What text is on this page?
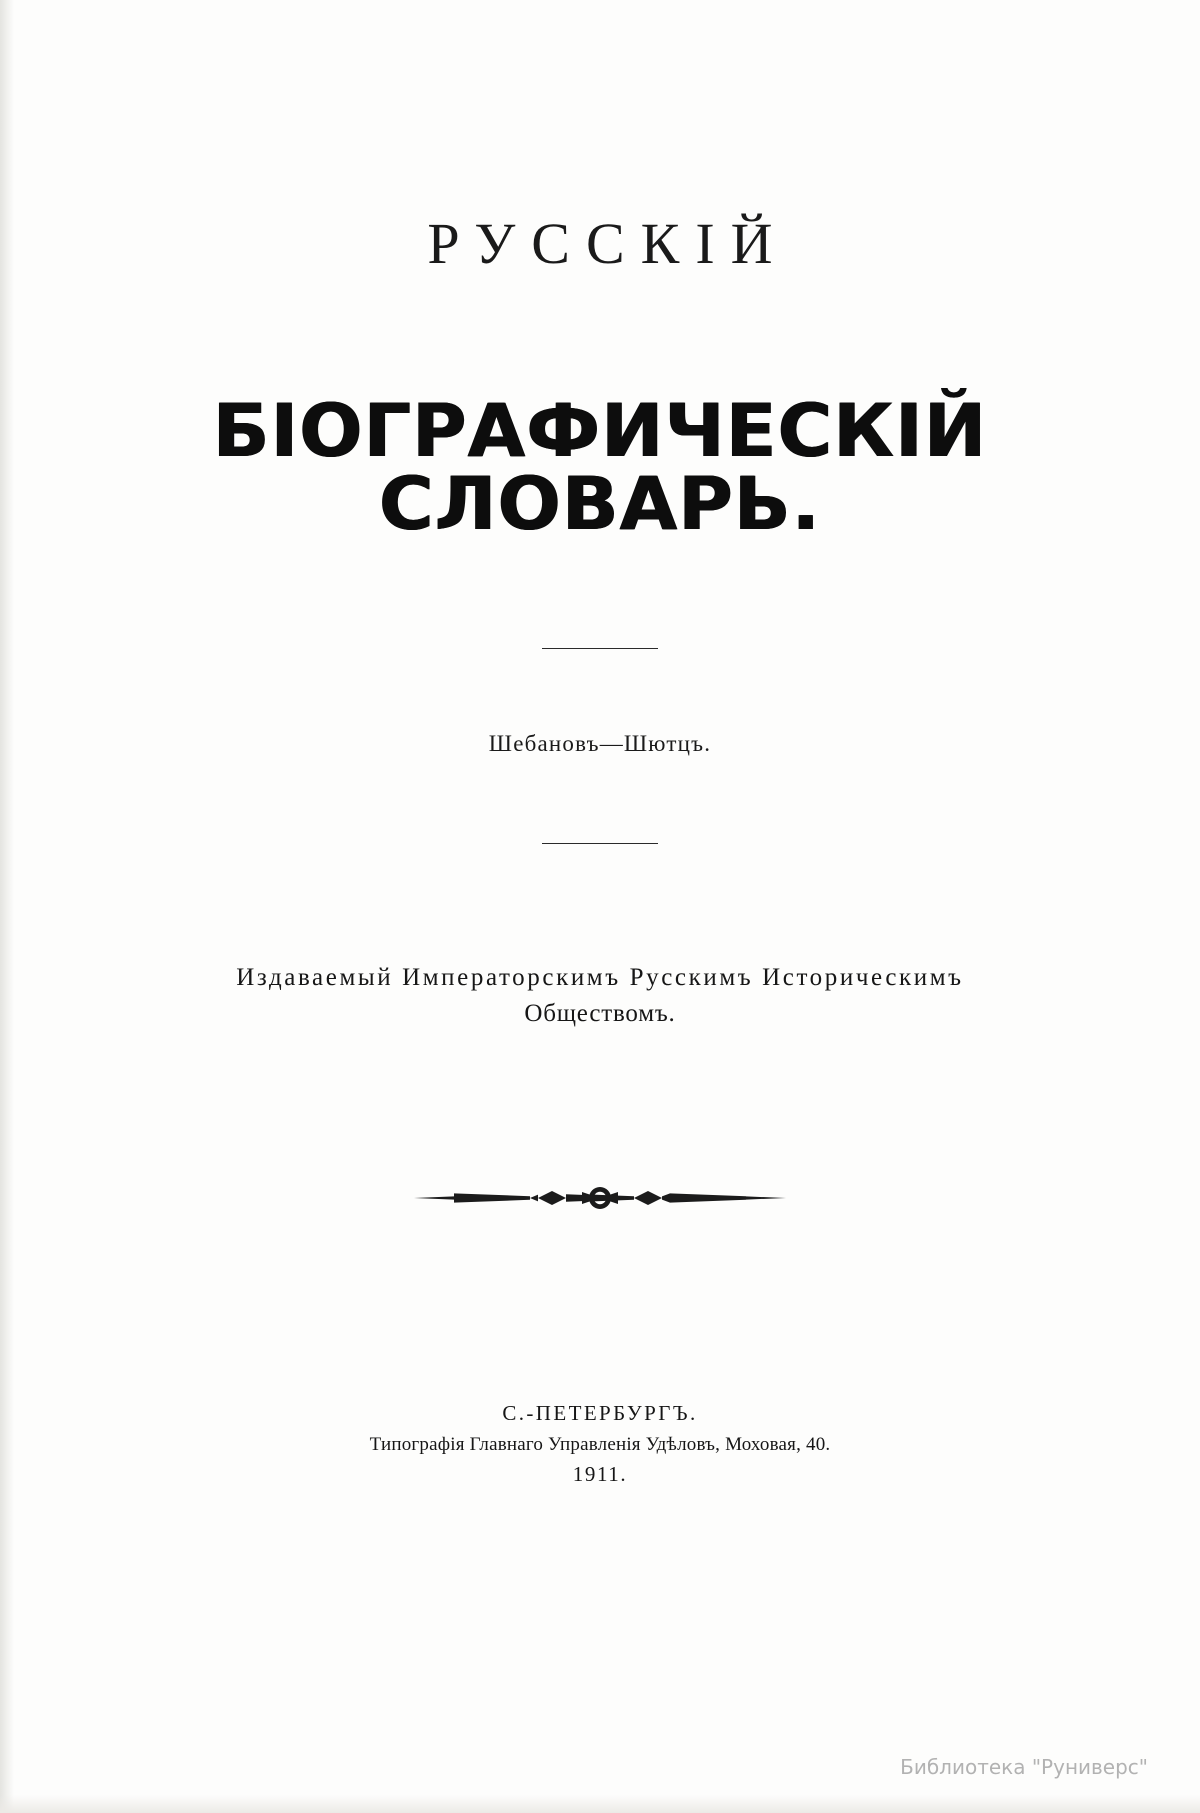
РУССКІЙ
БІОГРАФИЧЕСКІЙ СЛОВАРЬ.
Шебановъ—Шютцъ.
Издаваемый Императорскимъ Русскимъ Историческимъ
Обществомъ.
С.-ПЕТЕРБУРГЪ.
Типографія Главнаго Управленія Удѣловъ, Моховая, 40.
1911.
Библиотека "Руниверс"
